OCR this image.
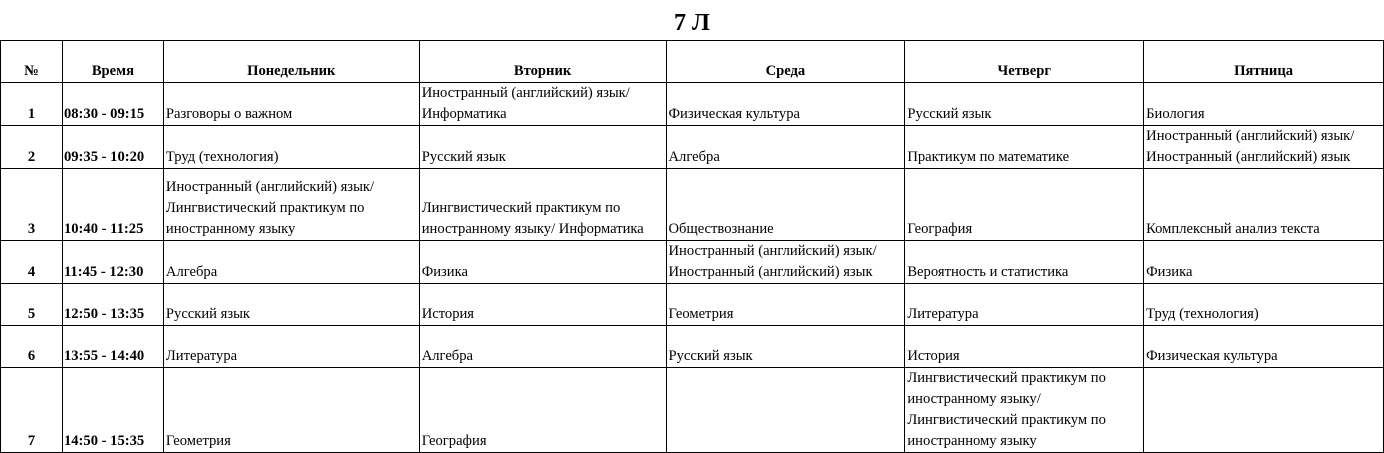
7 Л
№	Время	Понедельник	Вторник	Среда	Четверг	Пятница
1	08:30 - 09:15	Разговоры о важном	Иностранный (английский) язык/
Информатика	Физическая культура	Русский язык	Биология

2	09:35 - 10:20	Труд (технология)	Русский язык	Алгебра	Практикум по математике	Иностранный (английский) язык/
Иностранный (английский) язык

3	10:40 - 11:25	Иностранный (английский) язык/
Лингвистический практикум по
иностранному языку	Лингвистический практикум по
иностранному языку/ Информатика	Обществознание	География	Комплексный анализ текста

4	11:45 - 12:30	Алгебра	Физика	Иностранный (английский) язык/
Иностранный (английский) язык	Вероятность и статистика	Физика

5	12:50 - 13:35	Русский язык	История	Геометрия	Литература	Труд (технология)

6	13:55 - 14:40	Литература	Алгебра	Русский язык	История	Физическая культура

7	14:50 - 15:35	Геометрия	География		Лингвистический практикум по
иностранному языку/
Лингвистический практикум по
иностранному языку	
